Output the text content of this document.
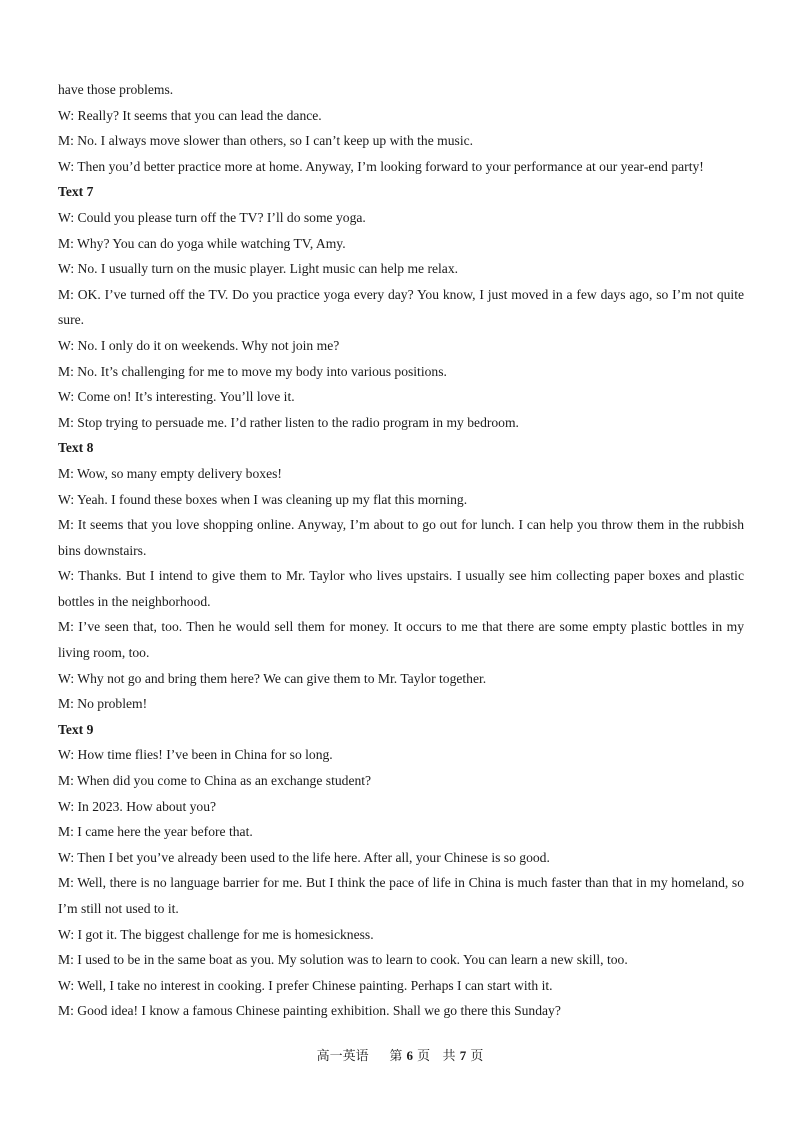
have those problems.

W: Really? It seems that you can lead the dance.

M: No. I always move slower than others, so I can’t keep up with the music.

W: Then you’d better practice more at home. Anyway, I’m looking forward to your performance at our year-end party!

Text 7

W: Could you please turn off the TV? I’ll do some yoga.

M: Why? You can do yoga while watching TV, Amy.

W: No. I usually turn on the music player. Light music can help me relax.

M: OK. I’ve turned off the TV. Do you practice yoga every day? You know, I just moved in a few days ago, so I’m not quite sure.

W: No. I only do it on weekends. Why not join me?

M: No. It’s challenging for me to move my body into various positions.

W: Come on! It’s interesting. You’ll love it.

M: Stop trying to persuade me. I’d rather listen to the radio program in my bedroom.

Text 8

M: Wow, so many empty delivery boxes!

W: Yeah. I found these boxes when I was cleaning up my flat this morning.

M: It seems that you love shopping online. Anyway, I’m about to go out for lunch. I can help you throw them in the rubbish bins downstairs.

W: Thanks. But I intend to give them to Mr. Taylor who lives upstairs. I usually see him collecting paper boxes and plastic bottles in the neighborhood.

M: I’ve seen that, too. Then he would sell them for money. It occurs to me that there are some empty plastic bottles in my living room, too.

W: Why not go and bring them here? We can give them to Mr. Taylor together.

M: No problem!

Text 9

W: How time flies! I’ve been in China for so long.

M: When did you come to China as an exchange student?

W: In 2023. How about you?

M: I came here the year before that.

W: Then I bet you’ve already been used to the life here. After all, your Chinese is so good.

M: Well, there is no language barrier for me. But I think the pace of life in China is much faster than that in my homeland, so I’m still not used to it.

W: I got it. The biggest challenge for me is homesickness.

M: I used to be in the same boat as you. My solution was to learn to cook. You can learn a new skill, too.

W: Well, I take no interest in cooking. I prefer Chinese painting. Perhaps I can start with it.

M: Good idea! I know a famous Chinese painting exhibition. Shall we go there this Sunday?

高一英语 第 6 页 共 7 页
